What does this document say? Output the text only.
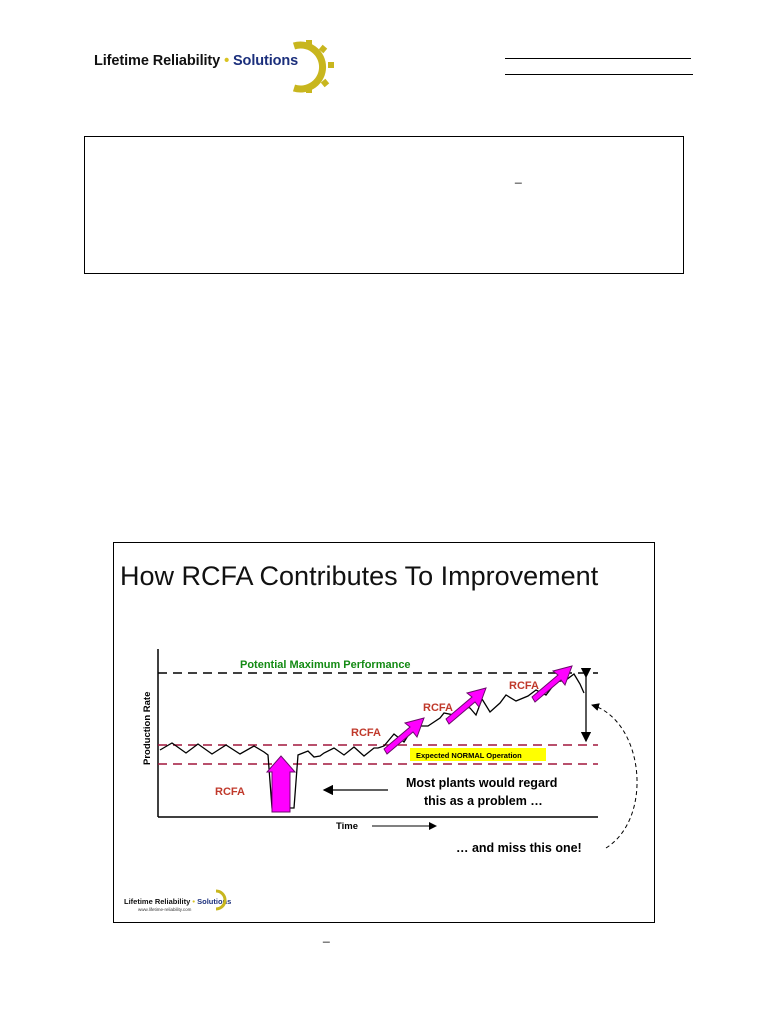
Lifetime Reliability • Solutions
_
How RCFA Contributes To Improvement
Potential Maximum Performance
Expected NORMAL Operation
RCFA
RCFA
RCFA
RCFA
Most plants would regard
this as a problem …
… and miss this one!
Time
Production Rate
Lifetime Reliability • Solutions
www.lifetime-reliability.com
_
